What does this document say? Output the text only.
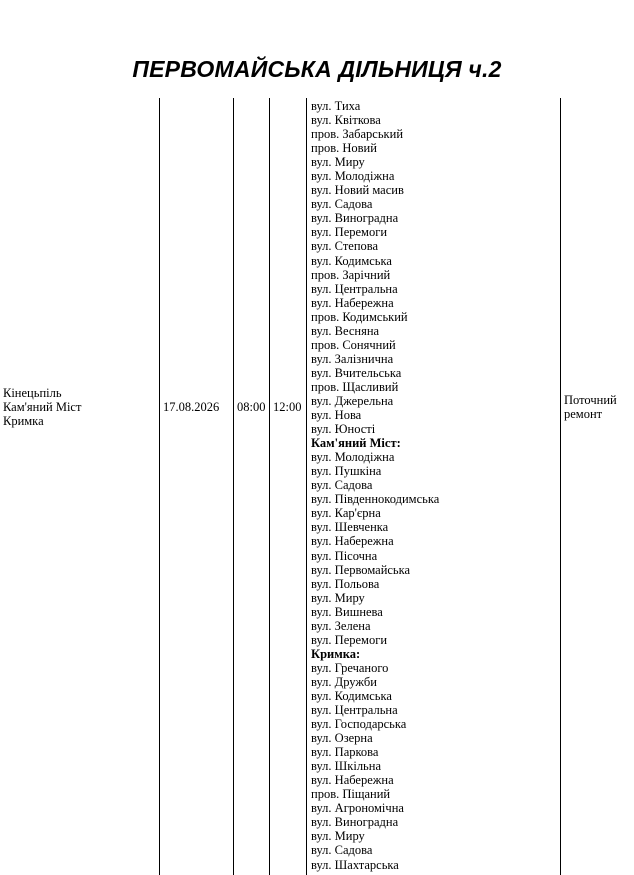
ПЕРВОМАЙСЬКА ДІЛЬНИЦЯ ч.2
Кінецьпіль
Кам'яний Міст
Кримка
17.08.2026 08:00 12:00	Поточний
ремонт
вул. Тиха
вул. Квіткова
пров. Забарський
пров. Новий
вул. Миру
вул. Молодіжна
вул. Новий масив
вул. Садова
вул. Виноградна
вул. Перемоги
вул. Степова
вул. Кодимська
пров. Зарічний
вул. Центральна
вул. Набережна
пров. Кодимський
вул. Весняна
пров. Сонячний
вул. Залізнична
вул. Вчительська
пров. Щасливий
вул. Джерельна
вул. Нова
вул. Юності
Кам'яний Міст:
вул. Молодіжна
вул. Пушкіна
вул. Садова
вул. Південнокодимська
вул. Кар'єрна
вул. Шевченка
вул. Набережна
вул. Пісочна
вул. Первомайська
вул. Польова
вул. Миру
вул. Вишнева
вул. Зелена
вул. Перемоги
Кримка:
вул. Гречаного
вул. Дружби
вул. Кодимська
вул. Центральна
вул. Господарська
вул. Озерна
вул. Паркова
вул. Шкільна
вул. Набережна
пров. Піщаний
вул. Агрономічна
вул. Виноградна
вул. Миру
вул. Садова
вул. Шахтарська
